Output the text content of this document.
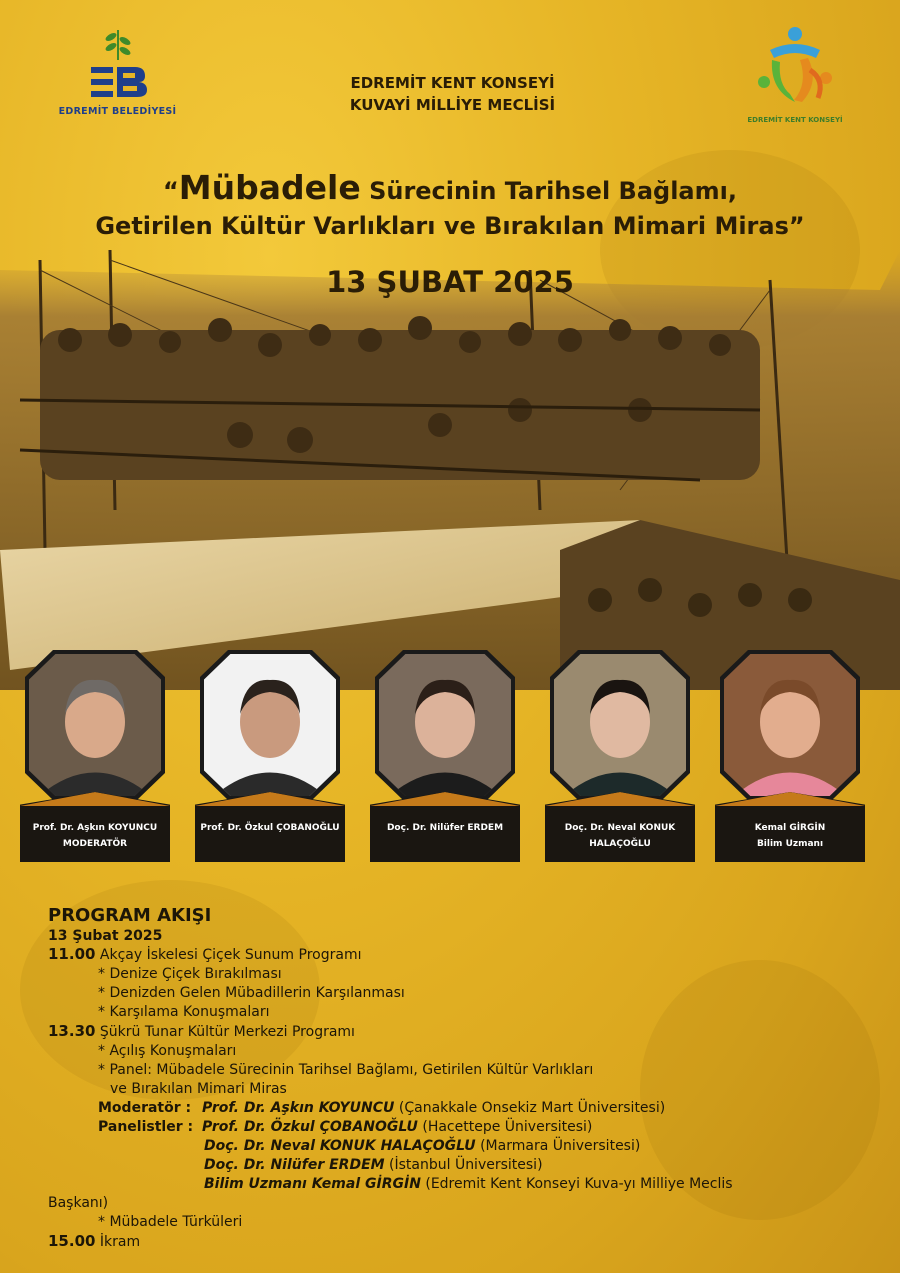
EDREMİT BELEDİYESİ
EDREMİT KENT KONSEYİ
KUVAYİ MİLLİYE MECLİSİ
EDREMİT KENT KONSEYİ
“Mübadele Sürecinin Tarihsel Bağlamı,
Getirilen Kültür Varlıkları ve Bırakılan Mimari Miras”
13 ŞUBAT 2025
Prof. Dr. Aşkın KOYUNCU
MODERATÖR
Prof. Dr. Özkul ÇOBANOĞLU	Doç. Dr. Nilüfer ERDEM	Doç. Dr. Neval KONUK
HALAÇOĞLU
Kemal GİRGİN
Bilim Uzmanı
PROGRAM AKIŞI
13 Şubat 2025
11.00 Akçay İskelesi Çiçek Sunum Programı
* Denize Çiçek Bırakılması
* Denizden Gelen Mübadillerin Karşılanması
* Karşılama Konuşmaları
13.30 Şükrü Tunar Kültür Merkezi Programı
* Açılış Konuşmaları
* Panel: Mübadele Sürecinin Tarihsel Bağlamı, Getirilen Kültür Varlıkları
ve Bırakılan Mimari Miras
Moderatör : Prof. Dr. Aşkın KOYUNCU (Çanakkale Onsekiz Mart Üniversitesi)
Panelistler : Prof. Dr. Özkul ÇOBANOĞLU (Hacettepe Üniversitesi)
Doç. Dr. Neval KONUK HALAÇOĞLU (Marmara Üniversitesi)
Doç. Dr. Nilüfer ERDEM (İstanbul Üniversitesi)
Bilim Uzmanı Kemal GİRGİN (Edremit Kent Konseyi Kuva-yı Milliye Meclis
Başkanı)
* Mübadele Türküleri
15.00 İkram
